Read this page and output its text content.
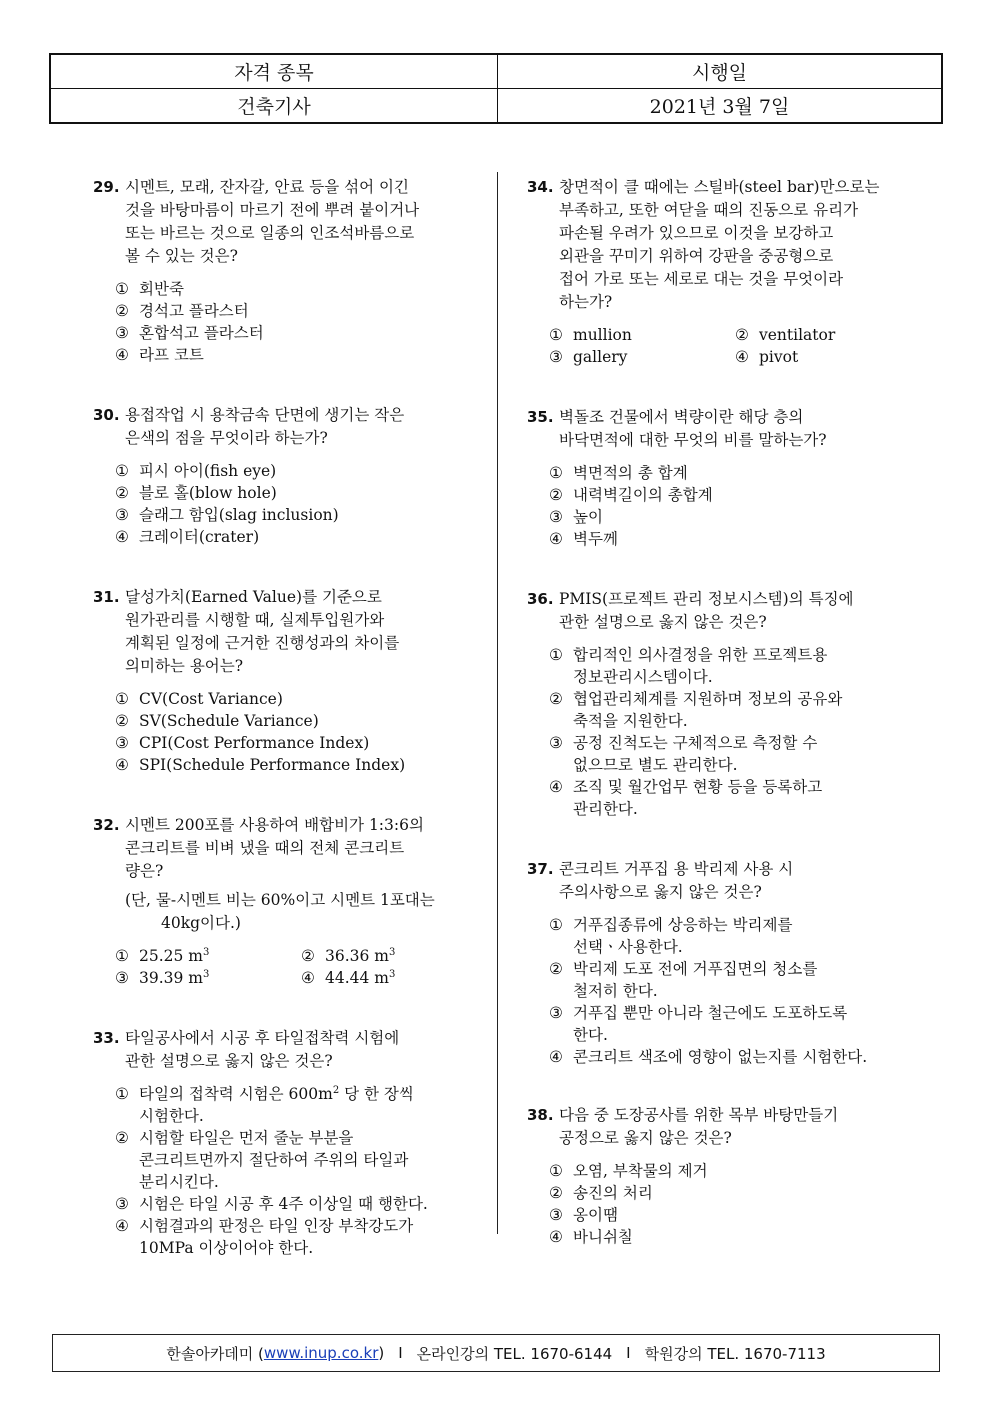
자격 종목	시행일
건축기사	2021년 3월 7일
29. 시멘트, 모래, 잔자갈, 안료 등을 섞어 이긴
것을 바탕마름이 마르기 전에 뿌려 붙이거나
또는 바르는 것으로 일종의 인조석바름으로
볼 수 있는 것은?
① 회반죽
② 경석고 플라스터
③ 혼합석고 플라스터
④ 라프 코트
30. 용접작업 시 용착금속 단면에 생기는 작은
은색의 점을 무엇이라 하는가?
① 피시 아이(fish eye)
② 블로 홀(blow hole)
③ 슬래그 함입(slag inclusion)
④ 크레이터(crater)
31. 달성가치(Earned Value)를 기준으로
원가관리를 시행할 때, 실제투입원가와
계획된 일정에 근거한 진행성과의 차이를
의미하는 용어는?
① CV(Cost Variance)
② SV(Schedule Variance)
③ CPI(Cost Performance Index)
④ SPI(Schedule Performance Index)
32. 시멘트 200포를 사용하여 배합비가 1:3:6의
콘크리트를 비벼 냈을 때의 전체 콘크리트
량은?
(단, 물-시멘트 비는 60%이고 시멘트 1포대는
40kg이다.)
① 25.25 $m^3$	② 36.36 $m^3$
③ 39.39 $m^3$	④ 44.44 $m^3$
33. 타일공사에서 시공 후 타일접착력 시험에
관한 설명으로 옳지 않은 것은?
① 타일의 접착력 시험은 $600m^2$ 당 한 장씩
시험한다.
② 시험할 타일은 먼저 줄눈 부분을
콘크리트면까지 절단하여 주위의 타일과
분리시킨다.
③ 시험은 타일 시공 후 4주 이상일 때 행한다.
④ 시험결과의 판정은 타일 인장 부착강도가
10MPa 이상이어야 한다.
34. 창면적이 클 때에는 스틸바(steel bar)만으로는
부족하고, 또한 여닫을 때의 진동으로 유리가
파손될 우려가 있으므로 이것을 보강하고
외관을 꾸미기 위하여 강판을 중공형으로
접어 가로 또는 세로로 대는 것을 무엇이라
하는가?
① mullion	② ventilator
③ gallery	④ pivot
35. 벽돌조 건물에서 벽량이란 해당 층의
바닥면적에 대한 무엇의 비를 말하는가?
① 벽면적의 총 합계
② 내력벽길이의 총합계
③ 높이
④ 벽두께
36. PMIS(프로젝트 관리 정보시스템)의 특징에
관한 설명으로 옳지 않은 것은?
① 합리적인 의사결정을 위한 프로젝트용
정보관리시스템이다.
② 협업관리체계를 지원하며 정보의 공유와
축적을 지원한다.
③ 공정 진척도는 구체적으로 측정할 수
없으므로 별도 관리한다.
④ 조직 및 월간업무 현황 등을 등록하고
관리한다.
37. 콘크리트 거푸집 용 박리제 사용 시
주의사항으로 옳지 않은 것은?
① 거푸집종류에 상응하는 박리제를
선택ㆍ사용한다.
② 박리제 도포 전에 거푸집면의 청소를
철저히 한다.
③ 거푸집 뿐만 아니라 철근에도 도포하도록
한다.
④ 콘크리트 색조에 영향이 없는지를 시험한다.
38. 다음 중 도장공사를 위한 목부 바탕만들기
공정으로 옳지 않은 것은?
① 오염, 부착물의 제거
② 송진의 처리
③ 옹이땜
④ 바니쉬칠
한솔아카데미 ( www.inup.co.kr ) I 온라인강의 TEL. 1670-6144 I 학원강의 TEL. 1670-7113
